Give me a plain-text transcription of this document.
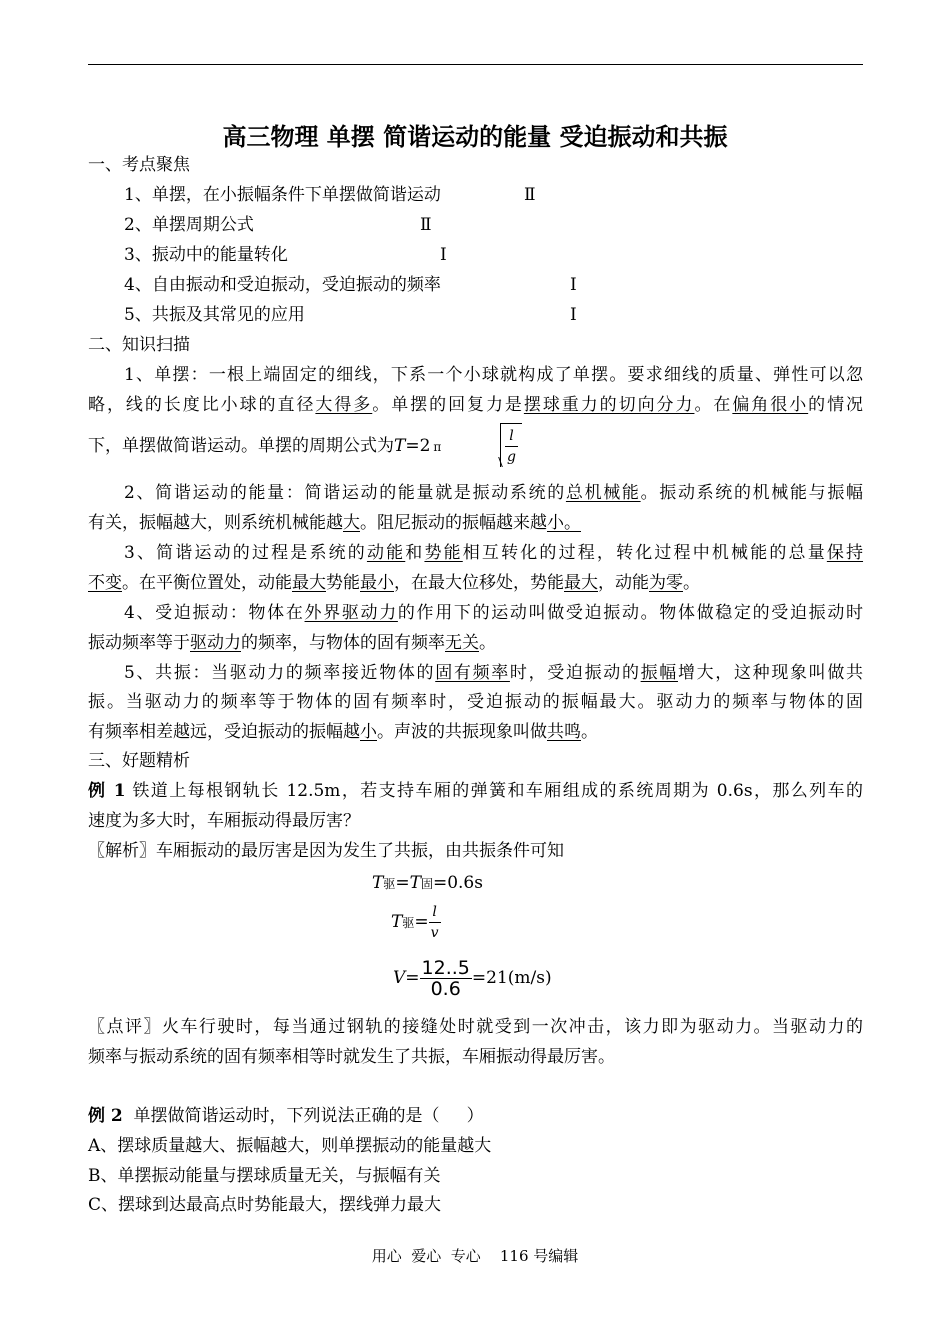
高三物理 单摆 简谐运动的能量 受迫振动和共振
一、考点聚焦
1、单摆，在小振幅条件下单摆做简谐运动	Ⅱ
2、单摆周期公式	Ⅱ
3、振动中的能量转化	Ⅰ
4、自由振动和受迫振动，受迫振动的频率	Ⅰ
5、共振及其常见的应用	Ⅰ
二、知识扫描
1、单摆：一根上端固定的细线，下系一个小球就构成了单摆。要求细线的质量、弹性可以忽
略，线的长度比小球的直径大得多。单摆的回复力是摆球重力的切向分力。在偏角很小的情况
下，单摆做简谐运动。单摆的周期公式为T=2 π	$\frac{l}{g}$
2、简谐运动的能量：简谐运动的能量就是振动系统的总机械能。振动系统的机械能与振幅
有关，振幅越大，则系统机械能越大。阻尼振动的振幅越来越小。
3、简谐运动的过程是系统的动能和势能相互转化的过程，转化过程中机械能的总量保持
不变。在平衡位置处，动能最大势能最小，在最大位移处，势能最大，动能为零。
4、受迫振动：物体在外界驱动力的作用下的运动叫做受迫振动。物体做稳定的受迫振动时
振动频率等于驱动力的频率，与物体的固有频率无关。
5、共振：当驱动力的频率接近物体的固有频率时，受迫振动的振幅增大，这种现象叫做共
振。当驱动力的频率等于物体的固有频率时，受迫振动的振幅最大。驱动力的频率与物体的固
有频率相差越远，受迫振动的振幅越小。声波的共振现象叫做共鸣。
三、好题精析
例 1 铁道上每根钢轨长 12.5m，若支持车厢的弹簧和车厢组成的系统周期为 0.6s，那么列车的
速度为多大时，车厢振动得最厉害？
〖解析〗车厢振动的最厉害是因为发生了共振，由共振条件可知
T驱=T固=0.6s
T驱= $\frac{l}{v}$
$V= \frac{12..5}{0.6} =21(m/s)$
〖点评〗火车行驶时，每当通过钢轨的接缝处时就受到一次冲击，该力即为驱动力。当驱动力的
频率与振动系统的固有频率相等时就发生了共振，车厢振动得最厉害。
例 2  单摆做简谐运动时，下列说法正确的是（     ）
A、摆球质量越大、振幅越大，则单摆振动的能量越大
B、单摆振动能量与摆球质量无关，与振幅有关
C、摆球到达最高点时势能最大，摆线弹力最大
用心  爱心  专心    116 号编辑
